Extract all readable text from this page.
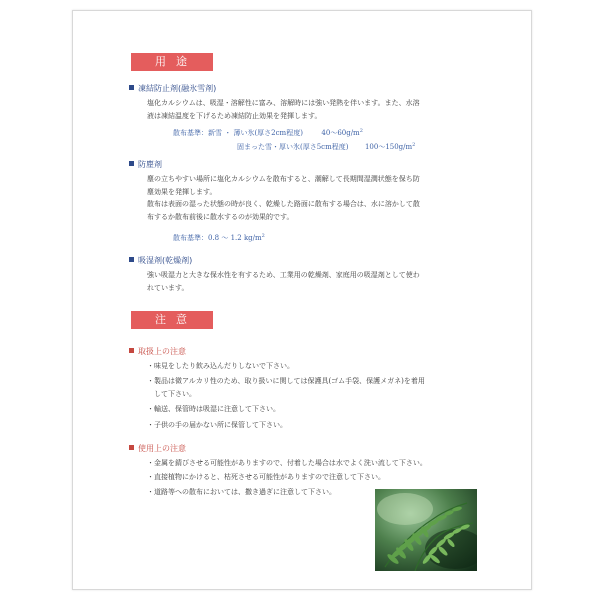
用途
凍結防止剤(融氷雪剤)
塩化カルシウムは、吸湿・溶解性に富み、溶解時には強い発熱を伴います。また、水溶
液は凍結温度を下げるため凍結防止効果を発揮します。
散布基準：新雪 ・ 薄い氷(厚さ2cm程度)	$40\sim 60g/m^2$
固まった雪・厚い氷(厚さ5cm程度) $100\sim 150g/m^2$
防塵剤
塵の立ちやすい場所に塩化カルシウムを散布すると、潮解して長期間湿潤状態を保ち防
塵効果を発揮します。
散布は表面の湿った状態の時が良く、乾燥した路面に散布する場合は、水に溶かして散
布するか散布前後に散水するのが効果的です。
散布基準：0.8 ～ 1.2 $kg/m^2$
吸湿剤(乾燥剤)
強い吸湿力と大きな保水性を有するため、工業用の乾燥剤、家庭用の吸湿剤として使わ
れています。
注意
取扱上の注意
・味見をしたり飲み込んだりしないで下さい。
・製品は微アルカリ性のため、取り扱いに関しては保護具(ゴム手袋、保護メガネ)を着用
　して下さい。
・輸送、保管時は吸湿に注意して下さい。
・子供の手の届かない所に保管して下さい。
使用上の注意
・金属を錆びさせる可能性がありますので、付着した場合は水でよく洗い流して下さい。
・直接植物にかけると、枯死させる可能性がありますので注意して下さい。
・道路等への散布においては、撒き過ぎに注意して下さい。
